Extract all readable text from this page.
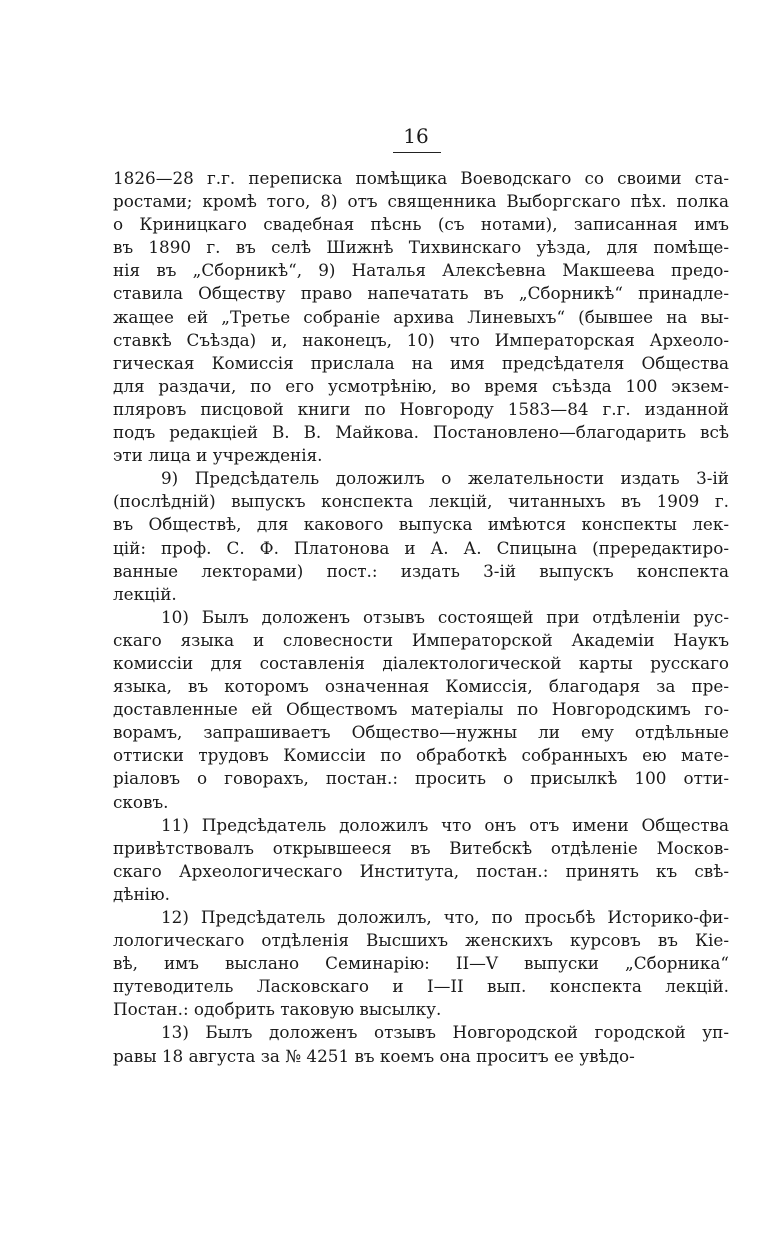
16
1826—28 г.г. переписка помѣщика Воеводскаго со своими ста-
ростами; кромѣ того, 8) отъ священника Выборгскаго пѣх. полка
о Криницкаго свадебная пѣснь (съ нотами), записанная имъ
въ 1890 г. въ селѣ Шижнѣ Тихвинскаго уѣзда, для помѣще-
нія въ „Сборникѣ“, 9) Наталья Алексѣевна Макшеева предо-
ставила Обществу право напечатать въ „Сборникѣ“ принадле-
жащее ей „Третье собраніе архива Линевыхъ“ (бывшее на вы-
ставкѣ Съѣзда) и, наконецъ, 10) что Императорская Археоло-
гическая Комиссія прислала на имя предсѣдателя Общества
для раздачи, по его усмотрѣнію, во время съѣзда 100 экзем-
пляровъ писцовой книги по Новгороду 1583—84 г.г. изданной
подъ редакціей В. В. Майкова. Постановлено—благодарить всѣ
эти лица и учрежденія.
9) Предсѣдатель доложилъ о желательности издать 3-ій
(послѣдній) выпускъ конспекта лекцій, читанныхъ въ 1909 г.
въ Обществѣ, для какового выпуска имѣются конспекты лек-
цій: проф. С. Ф. Платонова и А. А. Спицына (прередактиро-
ванные лекторами) пост.: издать 3-ій выпускъ конспекта
лекцій.
10) Былъ доложенъ отзывъ состоящей при отдѣленіи рус-
скаго языка и словесности Императорской Академіи Наукъ
комиссіи для составленія діалектологической карты русскаго
языка, въ которомъ означенная Комиссія, благодаря за пре-
доставленные ей Обществомъ матеріалы по Новгородскимъ го-
ворамъ, запрашиваетъ Общество—нужны ли ему отдѣльные
оттиски трудовъ Комиссіи по обработкѣ собранныхъ ею мате-
ріаловъ о говорахъ, постан.: просить о присылкѣ 100 отти-
сковъ.
11) Предсѣдатель доложилъ что онъ отъ имени Общества
привѣтствовалъ открывшееся въ Витебскѣ отдѣленіе Москов-
скаго Археологическаго Института, постан.: принять къ свѣ-
дѣнію.
12) Предсѣдатель доложилъ, что, по просьбѣ Историко-фи-
лологическаго отдѣленія Высшихъ женскихъ курсовъ въ Кіе-
вѣ, имъ выслано Семинарію: II—V выпуски „Сборника“
путеводитель Ласковскаго и I—II вып. конспекта лекцій.
Постан.: одобрить таковую высылку.
13) Былъ доложенъ отзывъ Новгородской городской уп-
равы 18 августа за № 4251 въ коемъ она проситъ ее увѣдо-
